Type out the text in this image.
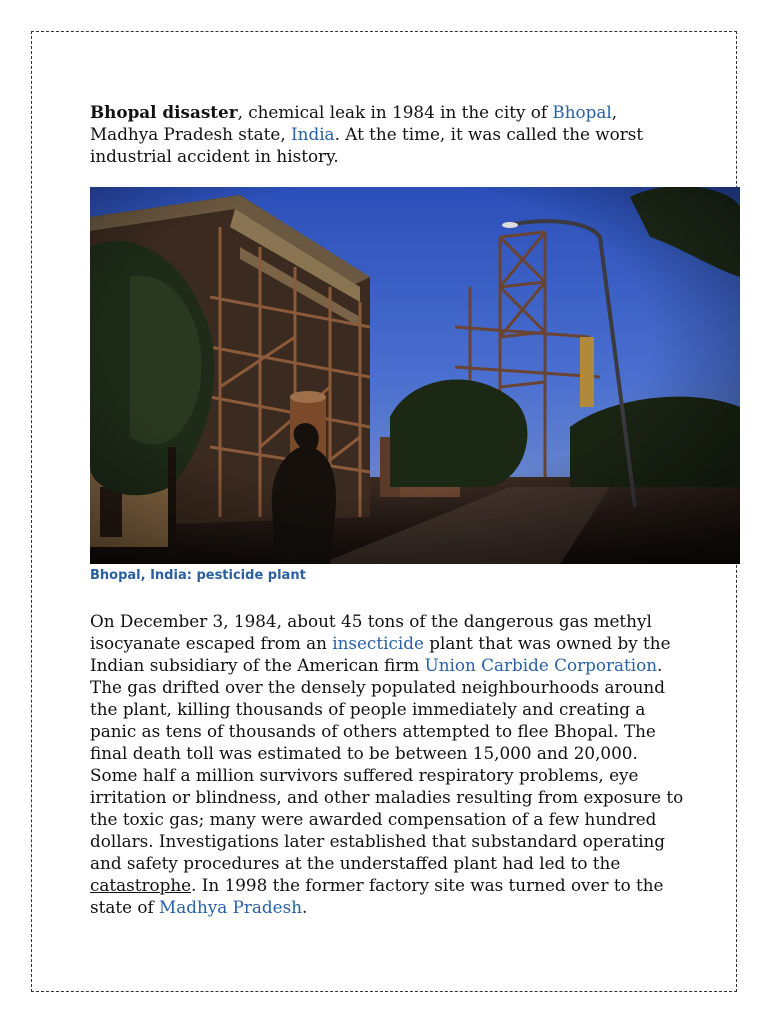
Bhopal disaster, chemical leak in 1984 in the city of Bhopal, Madhya Pradesh state, India. At the time, it was called the worst industrial accident in history.

Bhopal, India: pesticide plant

On December 3, 1984, about 45 tons of the dangerous gas methyl isocyanate escaped from an insecticide plant that was owned by the Indian subsidiary of the American firm Union Carbide Corporation. The gas drifted over the densely populated neighbourhoods around the plant, killing thousands of people immediately and creating a panic as tens of thousands of others attempted to flee Bhopal. The final death toll was estimated to be between 15,000 and 20,000. Some half a million survivors suffered respiratory problems, eye irritation or blindness, and other maladies resulting from exposure to the toxic gas; many were awarded compensation of a few hundred dollars. Investigations later established that substandard operating and safety procedures at the understaffed plant had led to the catastrophe. In 1998 the former factory site was turned over to the state of Madhya Pradesh.
